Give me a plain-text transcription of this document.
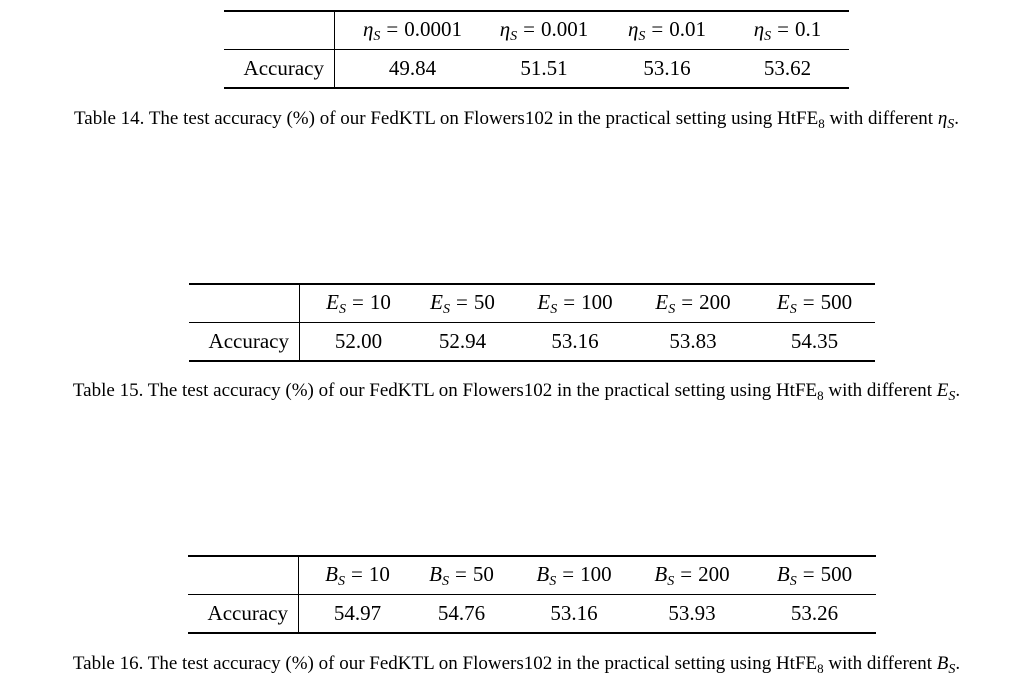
	$\eta_S = 0.0001$	$\eta_S = 0.001$	$\eta_S = 0.01$	$\eta_S = 0.1$
Accuracy	49.84	51.51	53.16	53.62
Table 14. The test accuracy (%) of our FedKTL on Flowers102 in the practical setting using HtFE$_8$ with different $\eta_S$.
	$E_S = 10$	$E_S = 50$	$E_S = 100$	$E_S = 200$	$E_S = 500$
Accuracy	52.00	52.94	53.16	53.83	54.35
Table 15. The test accuracy (%) of our FedKTL on Flowers102 in the practical setting using HtFE$_8$ with different $E_S$.
	$B_S = 10$	$B_S = 50$	$B_S = 100$	$B_S = 200$	$B_S = 500$
Accuracy	54.97	54.76	53.16	53.93	53.26
Table 16. The test accuracy (%) of our FedKTL on Flowers102 in the practical setting using HtFE$_8$ with different $B_S$.
